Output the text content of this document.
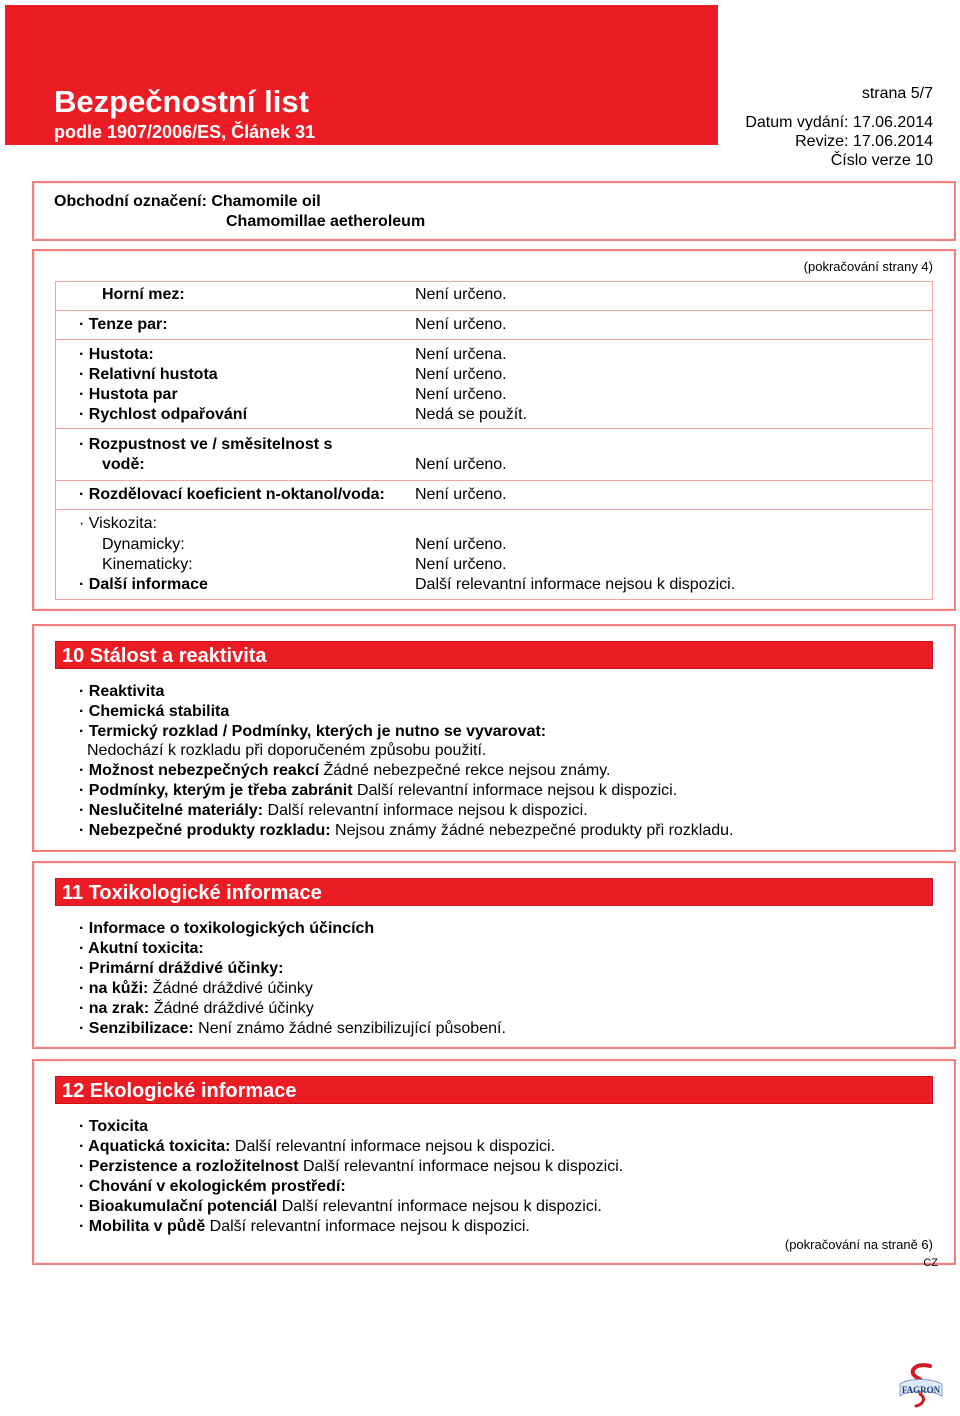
Bezpečnostní list
podle 1907/2006/ES, Článek 31
strana 5/7
Datum vydání: 17.06.2014
Revize: 17.06.2014
Číslo verze 10
Obchodní označení: Chamomile oil
Chamomillae aetheroleum
(pokračování strany 4)
Horní mez:	Není určeno.
· Tenze par:	Není určeno.
· Hustota:	Není určena.
· Relativní hustota	Není určeno.
· Hustota par	Není určeno.
· Rychlost odpařování	Nedá se použít.
· Rozpustnost ve / směsitelnost s
vodě:	Není určeno.
· Rozdělovací koeficient n-oktanol/voda: Není určeno.
· Viskozita:
Dynamicky:	Není určeno.
Kinematicky:	Není určeno.
· Další informace	Další relevantní informace nejsou k dispozici.
10 Stálost a reaktivita
· Reaktivita
· Chemická stabilita
· Termický rozklad / Podmínky, kterých je nutno se vyvarovat:
Nedochází k rozkladu při doporučeném způsobu použití.
· Možnost nebezpečných reakcí Žádné nebezpečné rekce nejsou známy.
· Podmínky, kterým je třeba zabránit Další relevantní informace nejsou k dispozici.
· Neslučitelné materiály: Další relevantní informace nejsou k dispozici.
· Nebezpečné produkty rozkladu: Nejsou známy žádné nebezpečné produkty při rozkladu.
11 Toxikologické informace
· Informace o toxikologických účincích
· Akutní toxicita:
· Primární dráždivé účinky:
· na kůži: Žádné dráždivé účinky
· na zrak: Žádné dráždivé účinky
· Senzibilizace: Není známo žádné senzibilizující působení.
12 Ekologické informace
· Toxicita
· Aquatická toxicita: Další relevantní informace nejsou k dispozici.
· Perzistence a rozložitelnost Další relevantní informace nejsou k dispozici.
· Chování v ekologickém prostředí:
· Bioakumulační potenciál Další relevantní informace nejsou k dispozici.
· Mobilita v půdě Další relevantní informace nejsou k dispozici.
(pokračování na straně 6)
CZ
FAGRON
